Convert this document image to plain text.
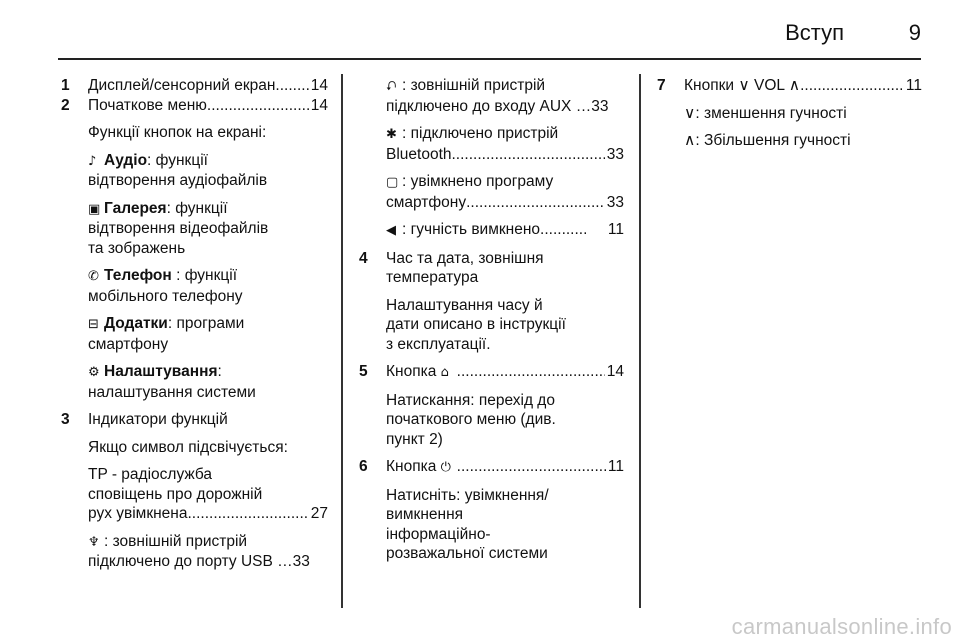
Вступ	9
1 Дисплей/сенсорний екран ..... 14
2 Початкове меню .....	14
Функції кнопок на екрані:
♪ Аудіо: функції
відтворення аудіофайлів
▣ Галерея: функції
відтворення відеофайлів
та зображень
✆ Телефон : функції
мобільного телефону
⊟ Додатки: програми
смартфону
⚙ Налаштування:
налаштування системи
3 Індикатори функцій
Якщо символ підсвічується:
TP - радіослужба
сповіщень про дорожній
рух увімкнена .....	27
♆ : зовнішній пристрій
підключено до порту USB …33
⮏ : зовнішній пристрій
підключено до входу AUX …33
✱ : підключено пристрій
Bluetooth .....	33
▢ : увімкнено програму
смартфону .....	33
◀ : гучність вимкнено ...........	11
4 Час та дата, зовнішня
температура
Налаштування часу й
дати описано в інструкції
з експлуатації.
5 Кнопка ⌂ .....	14
Натискання: перехід до
початкового меню (див.
пункт 2)
6 Кнопка ⏻ .....	11
Натисніть: увімкнення/
вимкнення
інформаційно-
розважальної системи
7 Кнопки ∨ VOL ∧ .....	11
∨: зменшення гучності
∧: Збільшення гучності
carmanualsonline.info
